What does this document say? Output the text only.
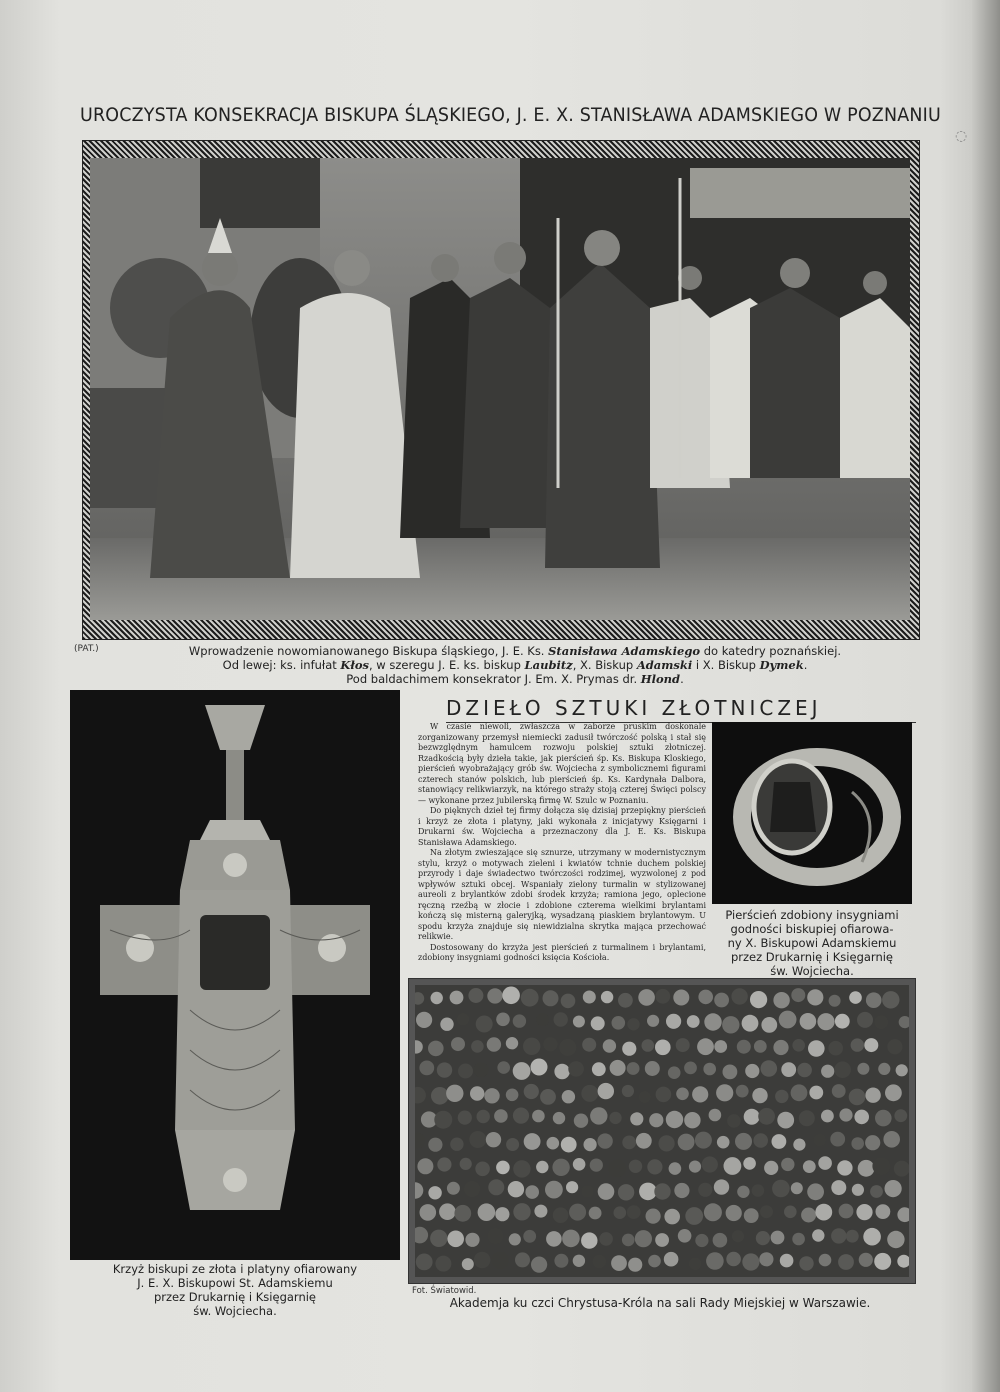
◌
UROCZYSTA KONSEKRACJA BISKUPA ŚLĄSKIEGO, J. E. X. STANISŁAWA ADAMSKIEGO W POZNANIU
(PAT.)	Wprowadzenie nowomianowanego Biskupa śląskiego, J. E. Ks. Stanisława Adamskiego do katedry poznańskiej.
Od lewej: ks. infułat Kłos, w szeregu J. E. ks. biskup Laubitz, X. Biskup Adamski i X. Biskup Dymek.
Pod baldachimem konsekrator J. Em. X. Prymas dr. Hlond.
Krzyż biskupi ze złota i platyny ofiarowany
J. E. X. Biskupowi St. Adamskiemu
przez Drukarnię i Księgarnię
św. Wojciecha.
DZIEŁO SZTUKI ZŁOTNICZEJ

W czasie niewoli, zwłaszcza w zaborze pruskim doskonale zorganizowany przemysł niemiecki zadusił twórczość polską i stał się bezwzględnym hamulcem rozwoju polskiej sztuki złotniczej. Rzadkością były dzieła takie, jak pierścień śp. Ks. Biskupa Kloskiego, pierścień wyobrażający grób św. Wojciecha z symbolicznemi figurami czterech stanów polskich, lub pierścień śp. Ks. Kardynała Dalbora, stanowiący relikwiarzyk, na którego straży stoją czterej Święci polscy — wykonane przez jubilerską firmę W. Szulc w Poznaniu.

Do pięknych dzieł tej firmy dołącza się dzisiaj przepiękny pierścień i krzyż ze złota i platyny, jaki wykonała z inicjatywy Księgarni i Drukarni św. Wojciecha a przeznaczony dla J. E. Ks. Biskupa Stanisława Adamskiego.

Na złotym zwieszające się sznurze, utrzymany w modernistycznym stylu, krzyż o motywach zieleni i kwiatów tchnie duchem polskiej przyrody i daje świadectwo twórczości rodzimej, wyzwolonej z pod wpływów sztuki obcej. Wspaniały zielony turmalin w stylizowanej aureoli z brylantków zdobi środek krzyża; ramiona jego, oplecione ręczną rzeźbą w złocie i zdobione czterema wielkimi brylantami kończą się misterną galeryjką, wysadzaną piaskiem brylantowym. U spodu krzyża znajduje się niewidzialna skrytka mająca przechować relikwie.

Dostosowany do krzyża jest pierścień z turmalinem i brylantami, zdobiony insygniami godności księcia Kościoła.

Pierścień zdobiony insygniami
godności biskupiej ofiarowa-
ny X. Biskupowi Adamskiemu
przez Drukarnię i Księgarnię
św. Wojciecha.
Fot. Światowid.
Akademja ku czci Chrystusa-Króla na sali Rady Miejskiej w Warszawie.
